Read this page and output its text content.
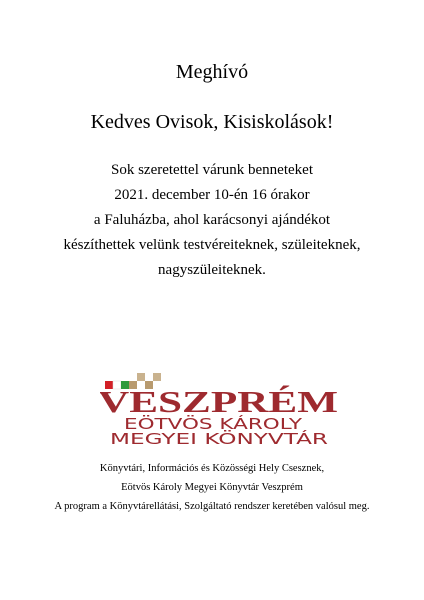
Meghívó
Kedves Ovisok, Kisiskolások!
Sok szeretettel várunk benneteket
2021. december 10-én 16 órakor
a Faluházba, ahol karácsonyi ajándékot
készíthettek velünk testvéreiteknek, szüleiteknek,
nagyszüleiteknek.
VESZPRÉM
EÖTVÖS KÁROLY
MEGYEI KÖNYVTÁR
Könyvtári, Információs és Közösségi Hely Csesznek,
Eötvös Károly Megyei Könyvtár Veszprém
A program a Könyvtárellátási, Szolgáltató rendszer keretében valósul meg.
